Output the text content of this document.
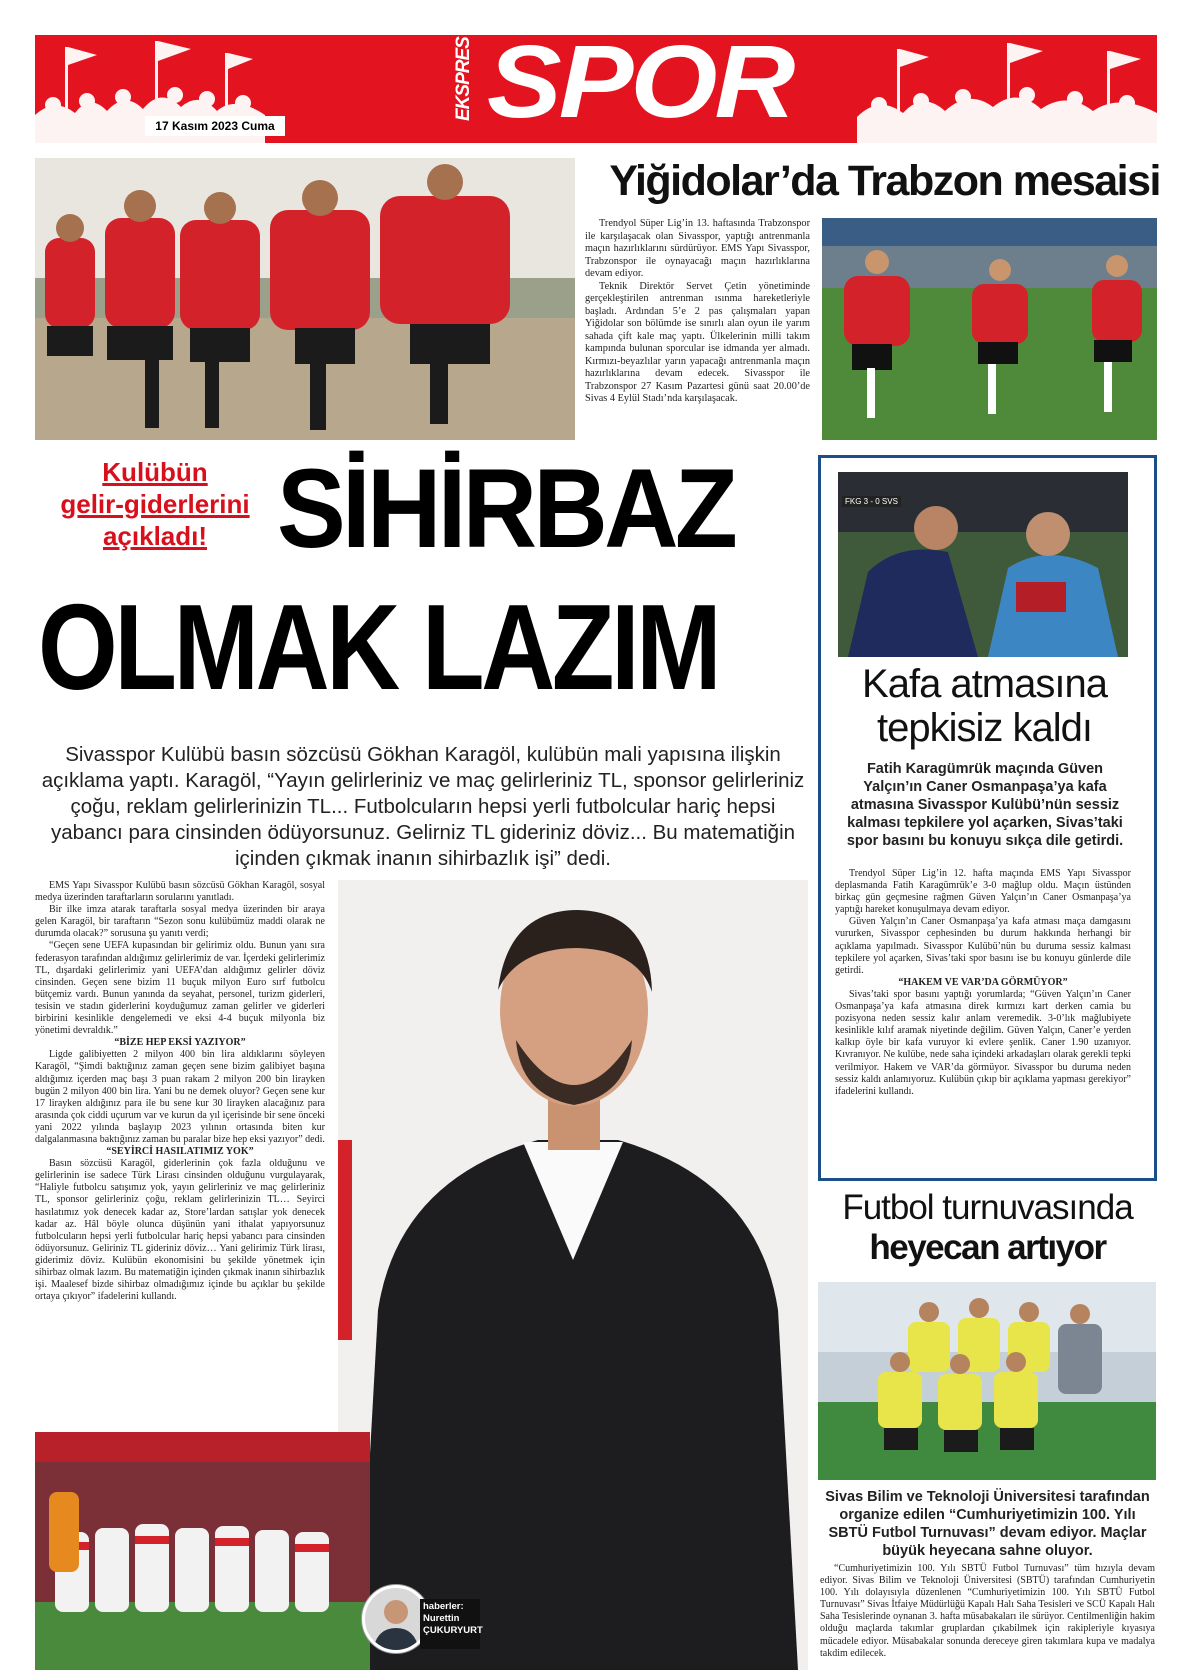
17 Kasım 2023 Cuma
EKSPRES SPOR
Yiğidolar’da Trabzon mesaisi

Trendyol Süper Lig’in 13. haftasında Trabzonspor ile karşılaşacak olan Sivasspor, yaptığı antrenmanla maçın hazırlıklarını sürdürüyor. EMS Yapı Sivasspor, Trabzonspor ile oynayacağı maçın hazırlıklarına devam ediyor.

Teknik Direktör Servet Çetin yönetiminde gerçekleştirilen antrenman ısınma hareketleriyle başladı. Ardından 5’e 2 pas çalışmaları yapan Yiğidolar son bölümde ise sınırlı alan oyun ile yarım sahada çift kale maç yaptı. Ülkelerinin milli takım kampında bulunan sporcular ise idmanda yer almadı. Kırmızı-beyazlılar yarın yapacağı antrenmanla maçın hazırlıklarına devam edecek. Sivasspor ile Trabzonspor 27 Kasım Pazartesi günü saat 20.00’de Sivas 4 Eylül Stadı’nda karşılaşacak.

Kulübün
gelir-giderlerini
açıkladı! SİHİRBAZ
OLMAK LAZIM
Sivasspor Kulübü basın sözcüsü Gökhan Karagöl, kulübün mali yapısına ilişkin açıklama yaptı. Karagöl, “Yayın gelirleriniz ve maç gelirleriniz TL, sponsor gelirleriniz çoğu, reklam gelirlerinizin TL... Futbolcuların hepsi yerli futbolcular hariç hepsi yabancı para cinsinden ödüyorsunuz. Gelirniz TL gideriniz döviz... Bu matematiğin içinden çıkmak inanın sihirbazlık işi” dedi.

EMS Yapı Sivasspor Kulübü basın sözcüsü Gökhan Karagöl, sosyal medya üzerinden taraftarların sorularını yanıtladı.

Bir ilke imza atarak taraftarla sosyal medya üzerinden bir araya gelen Karagöl, bir taraftarın “Sezon sonu kulübümüz maddi olarak ne durumda olacak?” sorusuna şu yanıtı verdi;

“Geçen sene UEFA kupasından bir gelirimiz oldu. Bunun yanı sıra federasyon tarafından aldığımız gelirlerimiz de var. İçerdeki gelirlerimiz TL, dışardaki gelirlerimiz yani UEFA’dan aldığımız gelirler döviz cinsinden. Geçen sene bizim 11 buçuk milyon Euro sırf futbolcu bütçemiz vardı. Bunun yanında da seyahat, personel, turizm giderleri, tesisin ve stadın giderlerini koyduğumuz zaman gelirler ve giderleri birbirini kesinlikle dengelemedi ve eksi 4-4 buçuk milyonla biz yönetimi devraldık.”

“BİZE HEP EKSİ YAZIYOR”

Ligde galibiyetten 2 milyon 400 bin lira aldıklarını söyleyen Karagöl, “Şimdi baktığınız zaman geçen sene bizim galibiyet başına aldığımız içerden maç başı 3 puan rakam 2 milyon 200 bin lirayken bugün 2 milyon 400 bin lira. Yani bu ne demek oluyor? Geçen sene kur 17 lirayken aldığınız para ile bu sene kur 30 lirayken alacağınız para arasında çok ciddi uçurum var ve kurun da yıl içerisinde bir sene önceki yani 2022 yılında başlayıp 2023 yılının ortasında biten kur dalgalanmasına baktığınız zaman bu paralar bize hep eksi yazıyor” dedi.

“SEYİRCİ HASILATIMIZ YOK”

Basın sözcüsü Karagöl, giderlerinin çok fazla olduğunu ve gelirlerinin ise sadece Türk Lirası cinsinden olduğunu vurgulayarak, “Haliyle futbolcu satışımız yok, yayın gelirleriniz ve maç gelirleriniz TL, sponsor gelirleriniz çoğu, reklam gelirlerinizin TL… Seyirci hasılatımız yok denecek kadar az, Store’lardan satışlar yok denecek kadar az. Hâl böyle olunca düşünün yani ithalat yapıyorsunuz futbolcuların hepsi yerli futbolcular hariç hepsi yabancı para cinsinden ödüyorsunuz. Geliriniz TL gideriniz döviz… Yani gelirimiz Türk lirası, giderimiz döviz. Kulübün ekonomisini bu şekilde yönetmek için sihirbaz olmak lazım. Bu matematiğin içinden çıkmak inanın sihirbazlık işi. Maalesef bizde sihirbaz olmadığımız içinde bu açıklar bu şekilde ortaya çıkıyor” ifadelerini kullandı.

haberler:
Nurettin
ÇUKURYURT
FKG 3 - 0 SVS
Kafa atmasına
tepkisiz kaldı
Fatih Karagümrük maçında Güven Yalçın’ın Caner Osmanpaşa’ya kafa atmasına Sivasspor Kulübü’nün sessiz kalması tepkilere yol açarken, Sivas’taki spor basını bu konuyu sıkça dile getirdi.

Trendyol Süper Lig’in 12. hafta maçında EMS Yapı Sivasspor deplasmanda Fatih Karagümrük’e 3-0 mağlup oldu. Maçın üstünden birkaç gün geçmesine rağmen Güven Yalçın’ın Caner Osmanpaşa’ya yaptığı hareket konuşulmaya devam ediyor.

Güven Yalçın’ın Caner Osmanpaşa’ya kafa atması maça damgasını vururken, Sivasspor cephesinden bu durum hakkında herhangi bir açıklama yapılmadı. Sivasspor Kulübü’nün bu duruma sessiz kalması tepkilere yol açarken, Sivas’taki spor basını ise bu konuyu günlerde dile getirdi.

“HAKEM VE VAR’DA GÖRMÜYOR”

Sivas’taki spor basını yaptığı yorumlarda; “Güven Yalçın’ın Caner Osmanpaşa’ya kafa atmasına direk kırmızı kart derken camia bu pozisyona neden sessiz kalır anlam veremedik. 3-0’lık mağlubiyete kesinlikle kılıf aramak niyetinde değilim. Güven Yalçın, Caner’e yerden kalkıp öyle bir kafa vuruyor ki evlere şenlik. Caner 1.90 uzanıyor. Kıvranıyor. Ne kulübe, nede saha içindeki arkadaşları olarak gerekli tepki verilmiyor. Hakem ve VAR’da görmüyor. Sivasspor bu duruma neden sessiz kaldı anlamıyoruz. Kulübün çıkıp bir açıklama yapması gerekiyor” ifadelerini kullandı.

Futbol turnuvasında
heyecan artıyor
Sivas Bilim ve Teknoloji Üniversitesi tarafından organize edilen “Cumhuriyetimizin 100. Yılı SBTÜ Futbol Turnuvası” devam ediyor. Maçlar büyük heyecana sahne oluyor.

“Cumhuriyetimizin 100. Yılı SBTÜ Futbol Turnuvası” tüm hızıyla devam ediyor. Sivas Bilim ve Teknoloji Üniversitesi (SBTÜ) tarafından Cumhuriyetin 100. Yılı dolayısıyla düzenlenen “Cumhuriyetimizin 100. Yılı SBTÜ Futbol Turnuvası” Sivas İtfaiye Müdürlüğü Kapalı Halı Saha Tesisleri ve SCÜ Kapalı Halı Saha Tesislerinde oynanan 3. hafta müsabakaları ile sürüyor. Centilmenliğin hakim olduğu maçlarda takımlar gruplardan çıkabilmek için rakipleriyle kıyasıya mücadele ediyor. Müsabakalar sonunda dereceye giren takımlara kupa ve madalya takdim edilecek.
